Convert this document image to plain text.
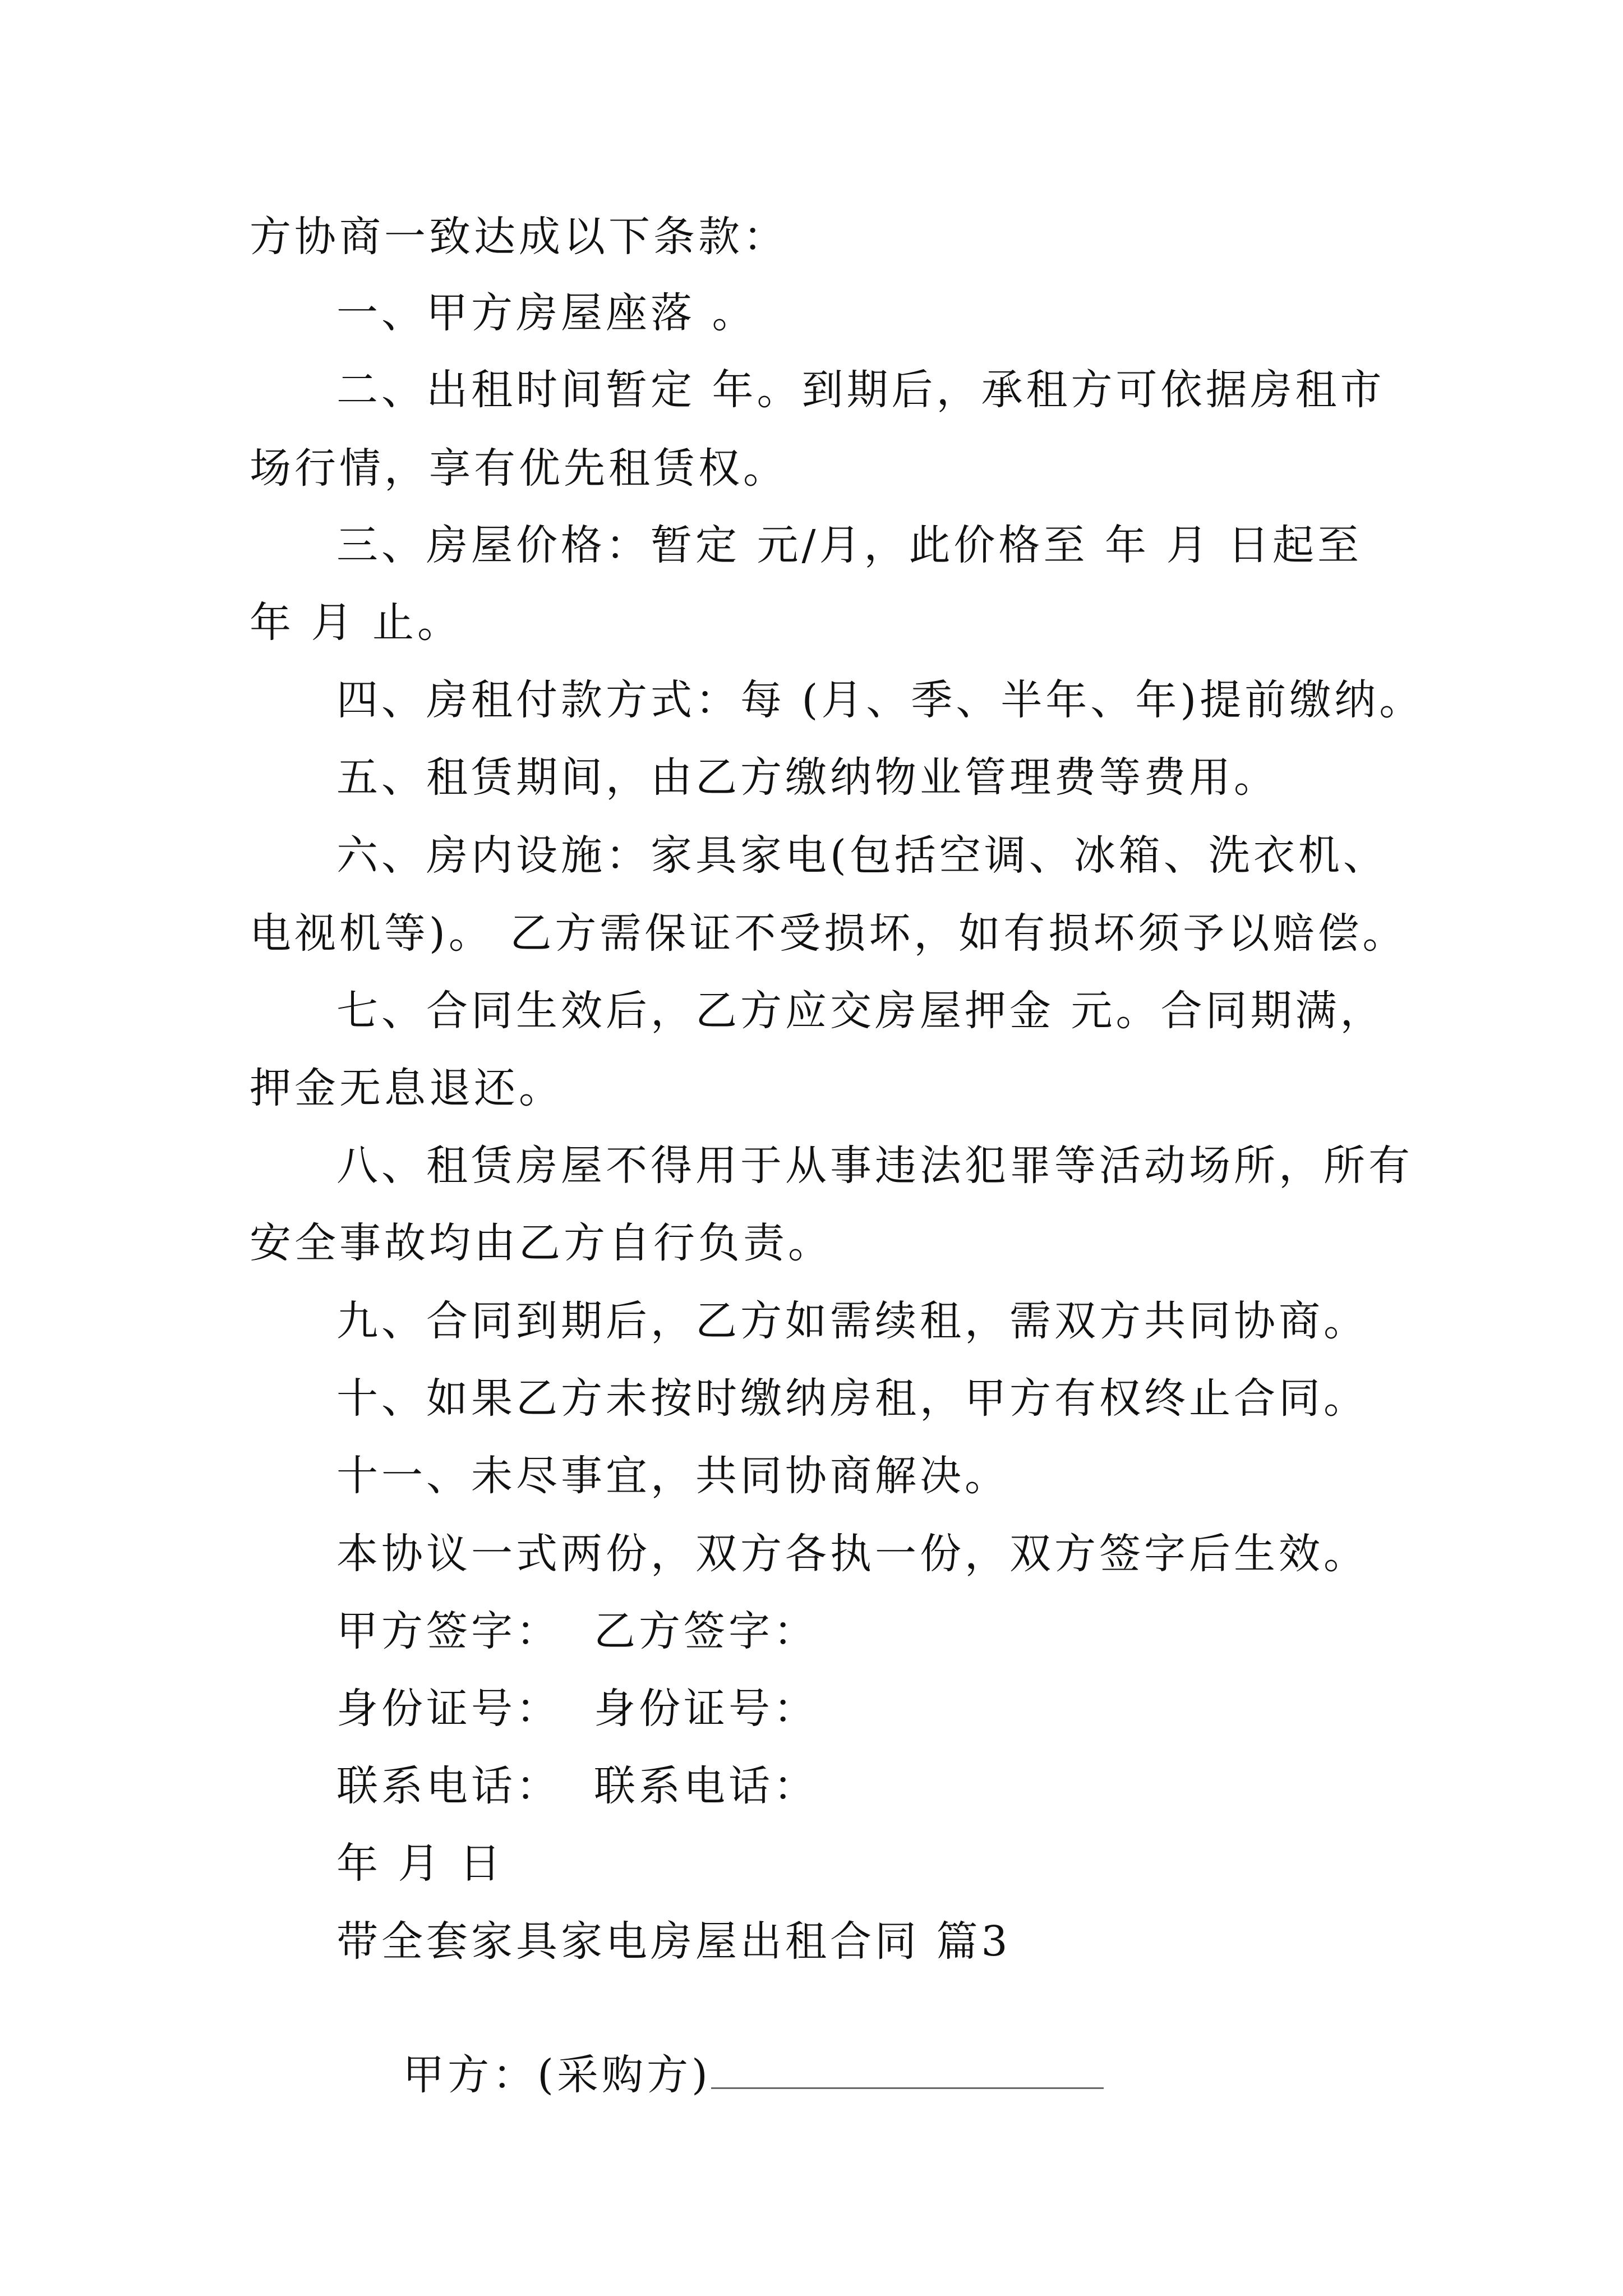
方协商一致达成以下条款：
一、甲方房屋座落 。
二、出租时间暂定 年。到期后，承租方可依据房租市
场行情，享有优先租赁权。
三、房屋价格：暂定 元/月，此价格至 年 月 日起至
年 月 止。
四、房租付款方式：每 (月、季、半年、年)提前缴纳。
五、租赁期间，由乙方缴纳物业管理费等费用。
六、房内设施：家具家电(包括空调、冰箱、洗衣机、
电视机等)。 乙方需保证不受损坏，如有损坏须予以赔偿。
七、合同生效后，乙方应交房屋押金 元。合同期满，
押金无息退还。
八、租赁房屋不得用于从事违法犯罪等活动场所，所有
安全事故均由乙方自行负责。
九、合同到期后，乙方如需续租，需双方共同协商。
十、如果乙方未按时缴纳房租，甲方有权终止合同。
十一、未尽事宜，共同协商解决。
本协议一式两份，双方各执一份，双方签字后生效。
甲方签字：  乙方签字：
身份证号：  身份证号：
联系电话：  联系电话：
年 月 日
带全套家具家电房屋出租合同 篇3

甲方：(采购方)
